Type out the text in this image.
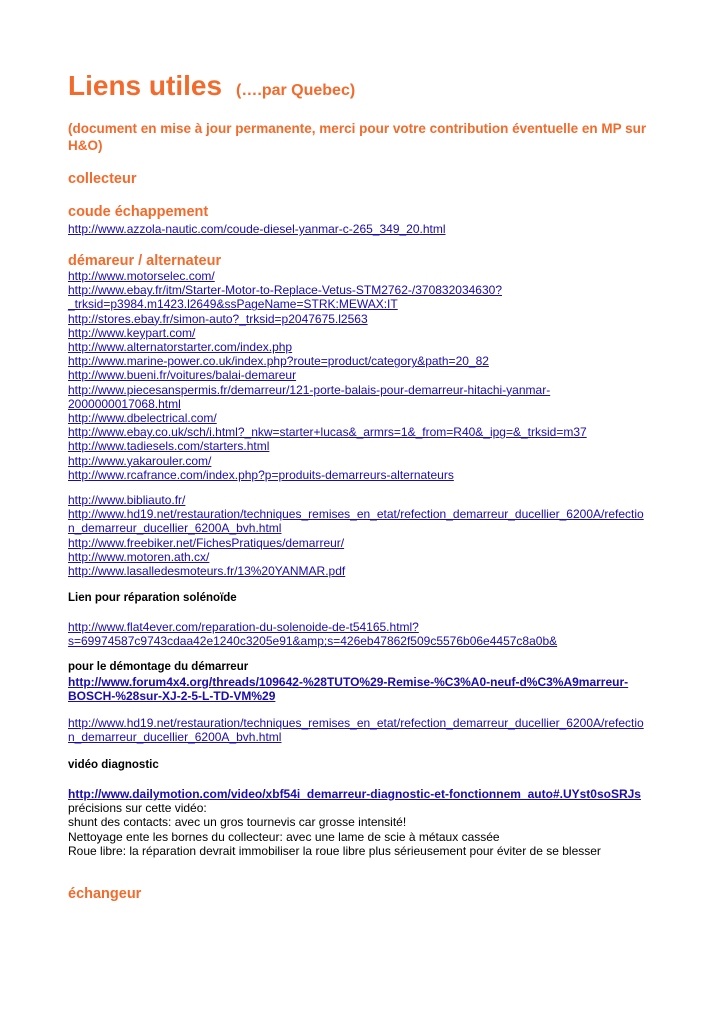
Liens utiles (….par Quebec)
(document en mise à jour permanente, merci pour votre contribution éventuelle en MP sur H&O)
collecteur
coude échappement
http://www.azzola-nautic.com/coude-diesel-yanmar-c-265_349_20.html
démareur / alternateur
http://www.motorselec.com/
http://www.ebay.fr/itm/Starter-Motor-to-Replace-Vetus-STM2762-/370832034630?
_trksid=p3984.m1423.l2649&ssPageName=STRK:MEWAX:IT
http://stores.ebay.fr/simon-auto?_trksid=p2047675.l2563
http://www.keypart.com/
http://www.alternatorstarter.com/index.php
http://www.marine-power.co.uk/index.php?route=product/category&path=20_82
http://www.bueni.fr/voitures/balai-demareur
http://www.piecesanspermis.fr/demarreur/121-porte-balais-pour-demarreur-hitachi-yanmar-
2000000017068.html
http://www.dbelectrical.com/
http://www.ebay.co.uk/sch/i.html?_nkw=starter+lucas&_armrs=1&_from=R40&_ipg=&_trksid=m37
http://www.tadiesels.com/starters.html
http://www.yakarouler.com/
http://www.rcafrance.com/index.php?p=produits-demarreurs-alternateurs
http://www.bibliauto.fr/
http://www.hd19.net/restauration/techniques_remises_en_etat/refection_demarreur_ducellier_6200A/refectio
n_demarreur_ducellier_6200A_bvh.html
http://www.freebiker.net/FichesPratiques/demarreur/
http://www.motoren.ath.cx/
http://www.lasalledesmoteurs.fr/13%20YANMAR.pdf
Lien pour réparation solénoïde
http://www.flat4ever.com/reparation-du-solenoide-de-t54165.html?
s=69974587c9743cdaa42e1240c3205e91&amp;s=426eb47862f509c5576b06e4457c8a0b&
pour le démontage du démarreur
http://www.forum4x4.org/threads/109642-%28TUTO%29-Remise-%C3%A0-neuf-d%C3%A9marreur-
BOSCH-%28sur-XJ-2-5-L-TD-VM%29
http://www.hd19.net/restauration/techniques_remises_en_etat/refection_demarreur_ducellier_6200A/refectio
n_demarreur_ducellier_6200A_bvh.html
vidéo diagnostic
http://www.dailymotion.com/video/xbf54i_demarreur-diagnostic-et-fonctionnem_auto#.UYst0soSRJs
précisions sur cette vidéo:
shunt des contacts: avec un gros tournevis car grosse intensité!
Nettoyage ente les bornes du collecteur: avec une lame de scie à métaux cassée
Roue libre: la réparation devrait immobiliser la roue libre plus sérieusement pour éviter de se blesser
échangeur
